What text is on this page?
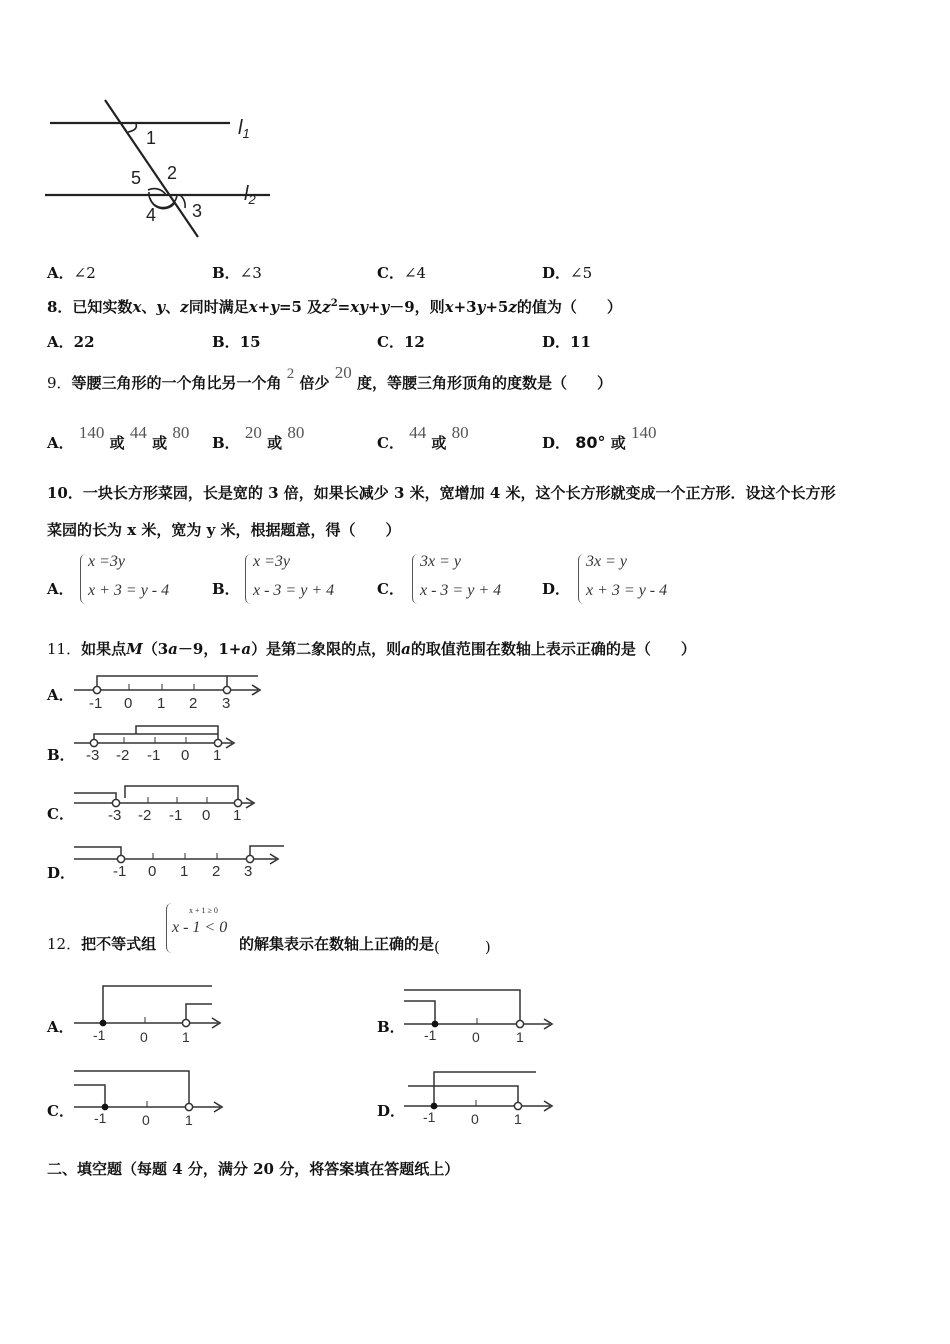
1
2
3
4
5
$l_1$
$l_2$
A．∠2	B．∠3	C．∠4	D．∠5
8．已知实数x、y、z同时满足x+y=5 及$z^2=xy+y-9$，则x+3y+5z的值为（　　）
A．22	B．15	C．12	D．11
9．等腰三角形的一个角比另一个角 2 倍少 20 度，等腰三角形顶角的度数是（　　）
A． 140 或 44 或 80
B． 20 或 80
C． 44 或 80
D． 80° 或 140
10．一块长方形菜园，长是宽的 3 倍，如果长减少 3 米，宽增加 4 米，这个长方形就变成一个正方形．设这个长方形
菜园的长为 x 米，宽为 y 米，根据题意，得（　　）
A．
x =3y
x + 3 = y - 4	B．
x =3y
x - 3 = y + 4	C．
3x = y
x - 3 = y + 4	D．
3x = y
x + 3 = y - 4
11．如果点M（3a－9，1+a）是第二象限的点，则a的取值范围在数轴上表示正确的是（　　）
A． -1 0 1 2 3
B． -3 -2 -1 0 1
C． -3 -2 -1 0 1
D．	-1 0 1 2 3
12．把不等式组
x + 1 ≥ 0
x - 1 < 0
的解集表示在数轴上正确的是(　　　)
A． -1 0 1
B． -1	0	1
C． -1	0	1	D． -1	0	1
二、填空题（每题 4 分，满分 20 分，将答案填在答题纸上）
